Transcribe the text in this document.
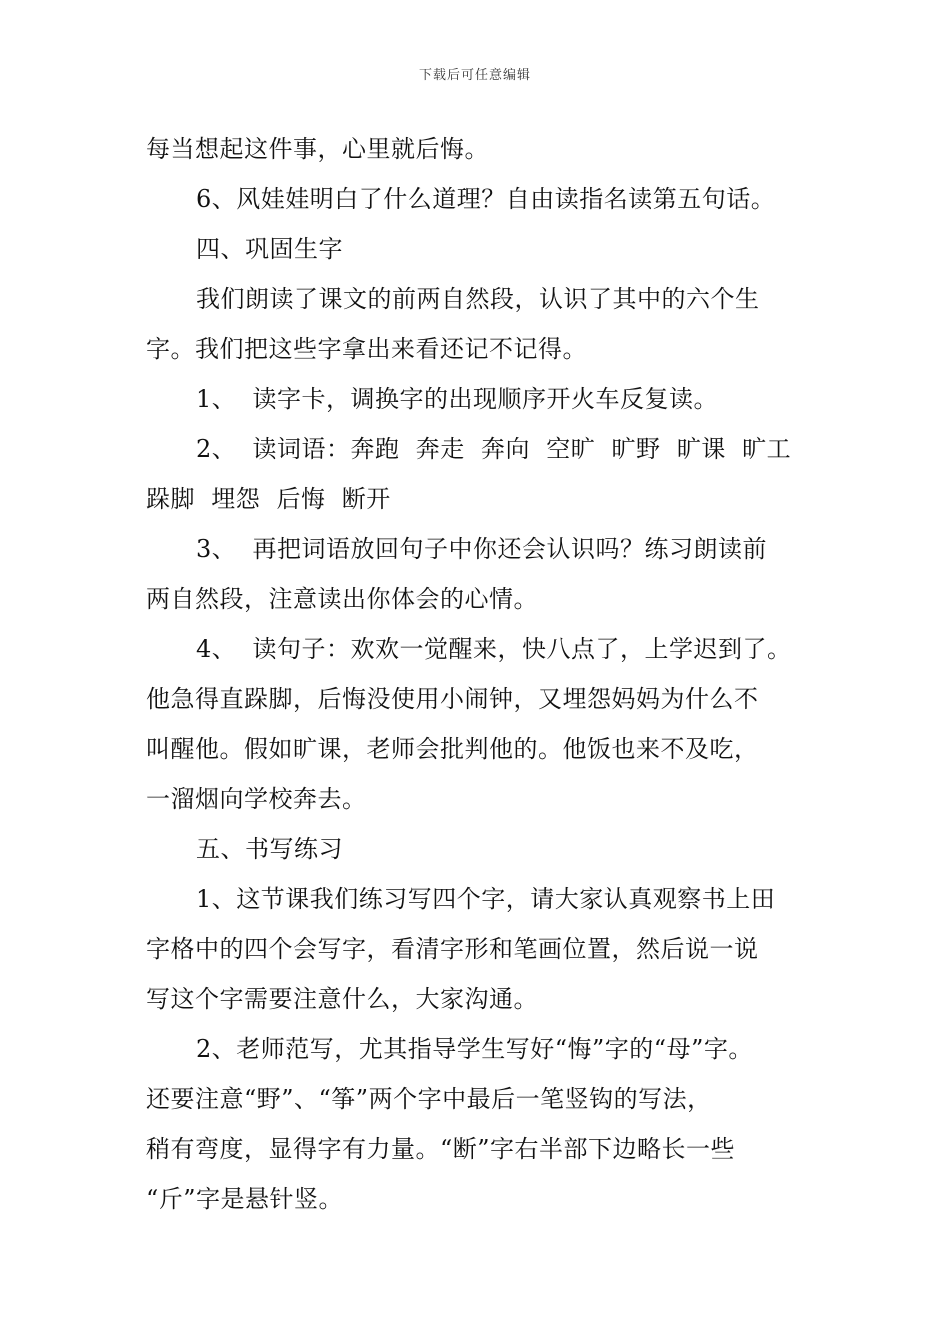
下载后可任意编辑
每当想起这件事，心里就后悔。
6、风娃娃明白了什么道理？自由读指名读第五句话。
四、巩固生字
我们朗读了课文的前两自然段，认识了其中的六个生
字。我们把这些字拿出来看还记不记得。
1、  读字卡，调换字的出现顺序开火车反复读。
2、  读词语：奔跑  奔走  奔向  空旷  旷野  旷课  旷工
跺脚  埋怨  后悔  断开
3、  再把词语放回句子中你还会认识吗？练习朗读前
两自然段，注意读出你体会的心情。
4、  读句子：欢欢一觉醒来，快八点了，上学迟到了。
他急得直跺脚，后悔没使用小闹钟，又埋怨妈妈为什么不
叫醒他。假如旷课，老师会批判他的。他饭也来不及吃，
一溜烟向学校奔去。
五、书写练习
1、这节课我们练习写四个字，请大家认真观察书上田
字格中的四个会写字，看清字形和笔画位置，然后说一说
写这个字需要注意什么，大家沟通。
2、老师范写，尤其指导学生写好“悔”字的“母”字。
还要注意“野”、“筝”两个字中最后一笔竖钩的写法，
稍有弯度，显得字有力量。“断”字右半部下边略长一些
“斤”字是悬针竖。
